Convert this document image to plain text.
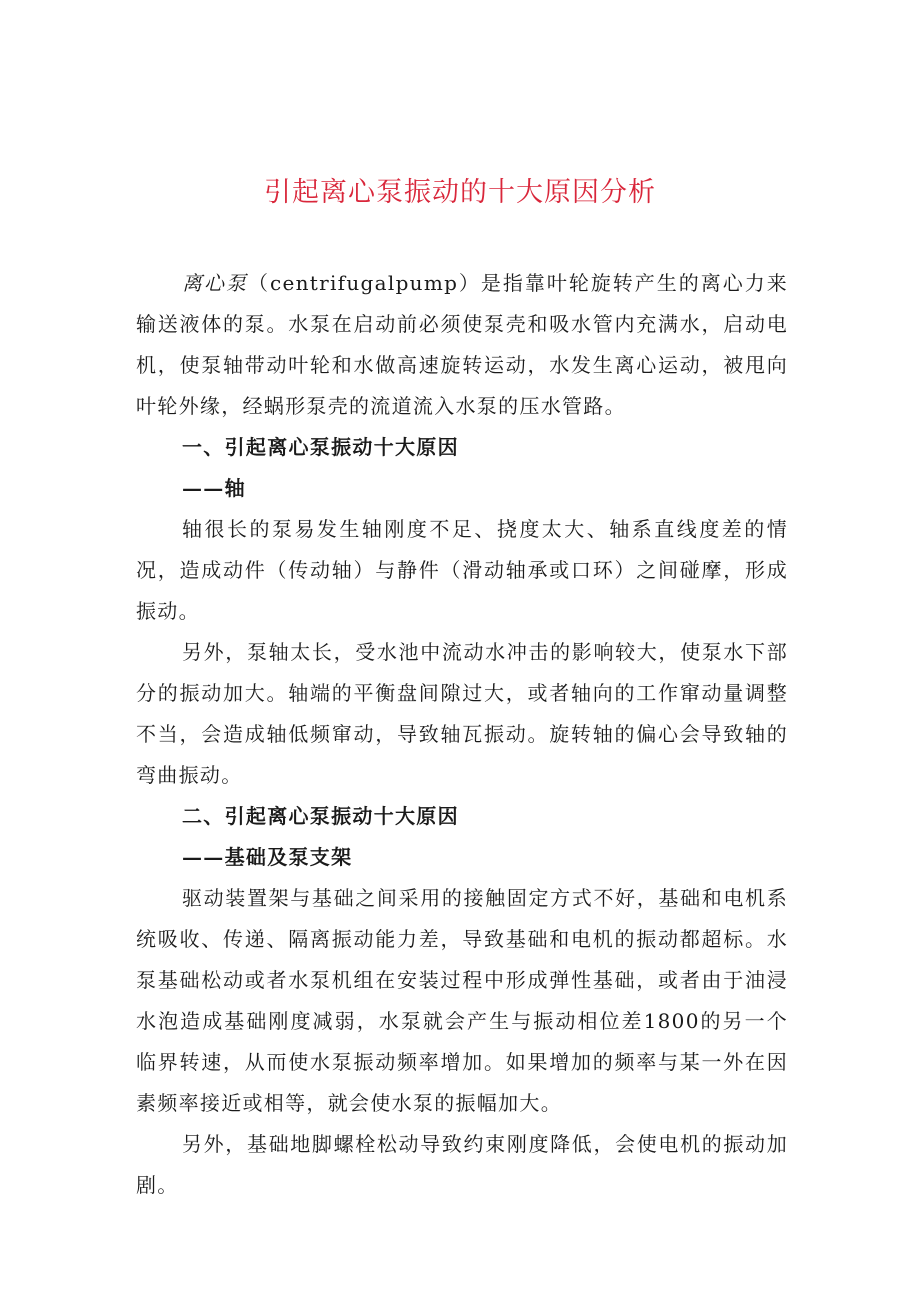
引起离心泵振动的十大原因分析

离心泵（centrifugalpump）是指靠叶轮旋转产生的离心力来输送液体的泵。水泵在启动前必须使泵壳和吸水管内充满水，启动电机，使泵轴带动叶轮和水做高速旋转运动，水发生离心运动，被甩向叶轮外缘，经蜗形泵壳的流道流入水泵的压水管路。

一、引起离心泵振动十大原因

——轴

轴很长的泵易发生轴刚度不足、挠度太大、轴系直线度差的情况，造成动件（传动轴）与静件（滑动轴承或口环）之间碰摩，形成振动。

另外，泵轴太长，受水池中流动水冲击的影响较大，使泵水下部分的振动加大。轴端的平衡盘间隙过大，或者轴向的工作窜动量调整不当，会造成轴低频窜动，导致轴瓦振动。旋转轴的偏心会导致轴的弯曲振动。

二、引起离心泵振动十大原因

——基础及泵支架

驱动装置架与基础之间采用的接触固定方式不好，基础和电机系统吸收、传递、隔离振动能力差，导致基础和电机的振动都超标。水泵基础松动或者水泵机组在安装过程中形成弹性基础，或者由于油浸水泡造成基础刚度减弱，水泵就会产生与振动相位差1800的另一个临界转速，从而使水泵振动频率增加。如果增加的频率与某一外在因素频率接近或相等，就会使水泵的振幅加大。

另外，基础地脚螺栓松动导致约束刚度降低，会使电机的振动加剧。
